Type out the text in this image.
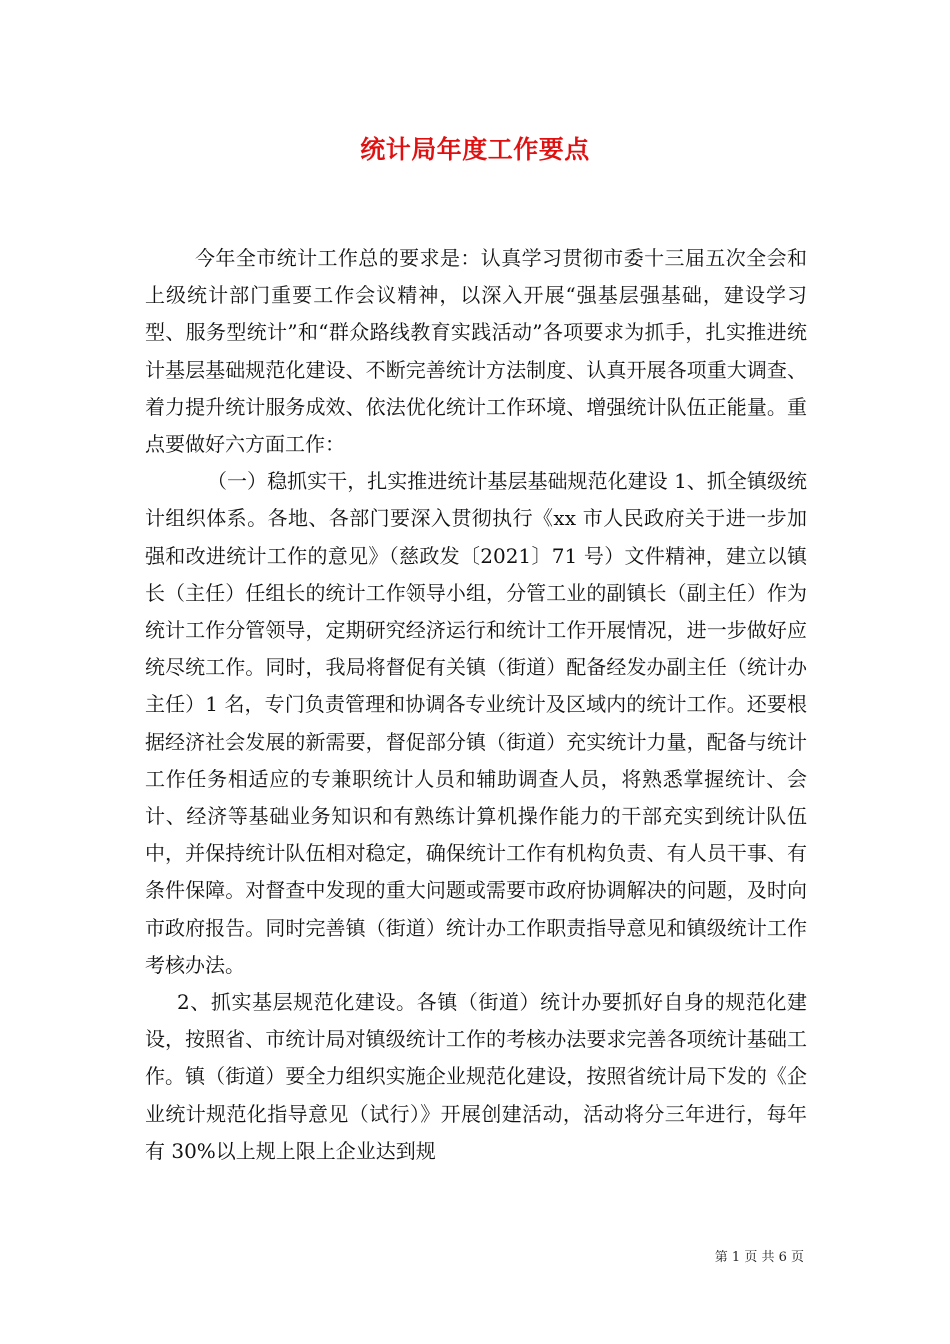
统计局年度工作要点

今年全市统计工作总的要求是：认真学习贯彻市委十三届五次全会和上级统计部门重要工作会议精神，以深入开展“强基层强基础，建设学习型、服务型统计”和“群众路线教育实践活动”各项要求为抓手，扎实推进统计基层基础规范化建设、不断完善统计方法制度、认真开展各项重大调查、着力提升统计服务成效、依法优化统计工作环境、增强统计队伍正能量。重点要做好六方面工作：

（一）稳抓实干，扎实推进统计基层基础规范化建设 1、抓全镇级统计组织体系。各地、各部门要深入贯彻执行《xx 市人民政府关于进一步加强和改进统计工作的意见》（慈政发〔2021〕71 号）文件精神，建立以镇长（主任）任组长的统计工作领导小组，分管工业的副镇长（副主任）作为统计工作分管领导，定期研究经济运行和统计工作开展情况，进一步做好应统尽统工作。同时，我局将督促有关镇（街道）配备经发办副主任（统计办主任）1 名，专门负责管理和协调各专业统计及区域内的统计工作。还要根据经济社会发展的新需要，督促部分镇（街道）充实统计力量，配备与统计工作任务相适应的专兼职统计人员和辅助调查人员，将熟悉掌握统计、会计、经济等基础业务知识和有熟练计算机操作能力的干部充实到统计队伍中，并保持统计队伍相对稳定，确保统计工作有机构负责、有人员干事、有条件保障。对督查中发现的重大问题或需要市政府协调解决的问题，及时向市政府报告。同时完善镇（街道）统计办工作职责指导意见和镇级统计工作考核办法。

2、抓实基层规范化建设。各镇（街道）统计办要抓好自身的规范化建设，按照省、市统计局对镇级统计工作的考核办法要求完善各项统计基础工作。镇（街道）要全力组织实施企业规范化建设，按照省统计局下发的《企业统计规范化指导意见（试行）》开展创建活动，活动将分三年进行，每年有 30%以上规上限上企业达到规

第 1 页 共 6 页
